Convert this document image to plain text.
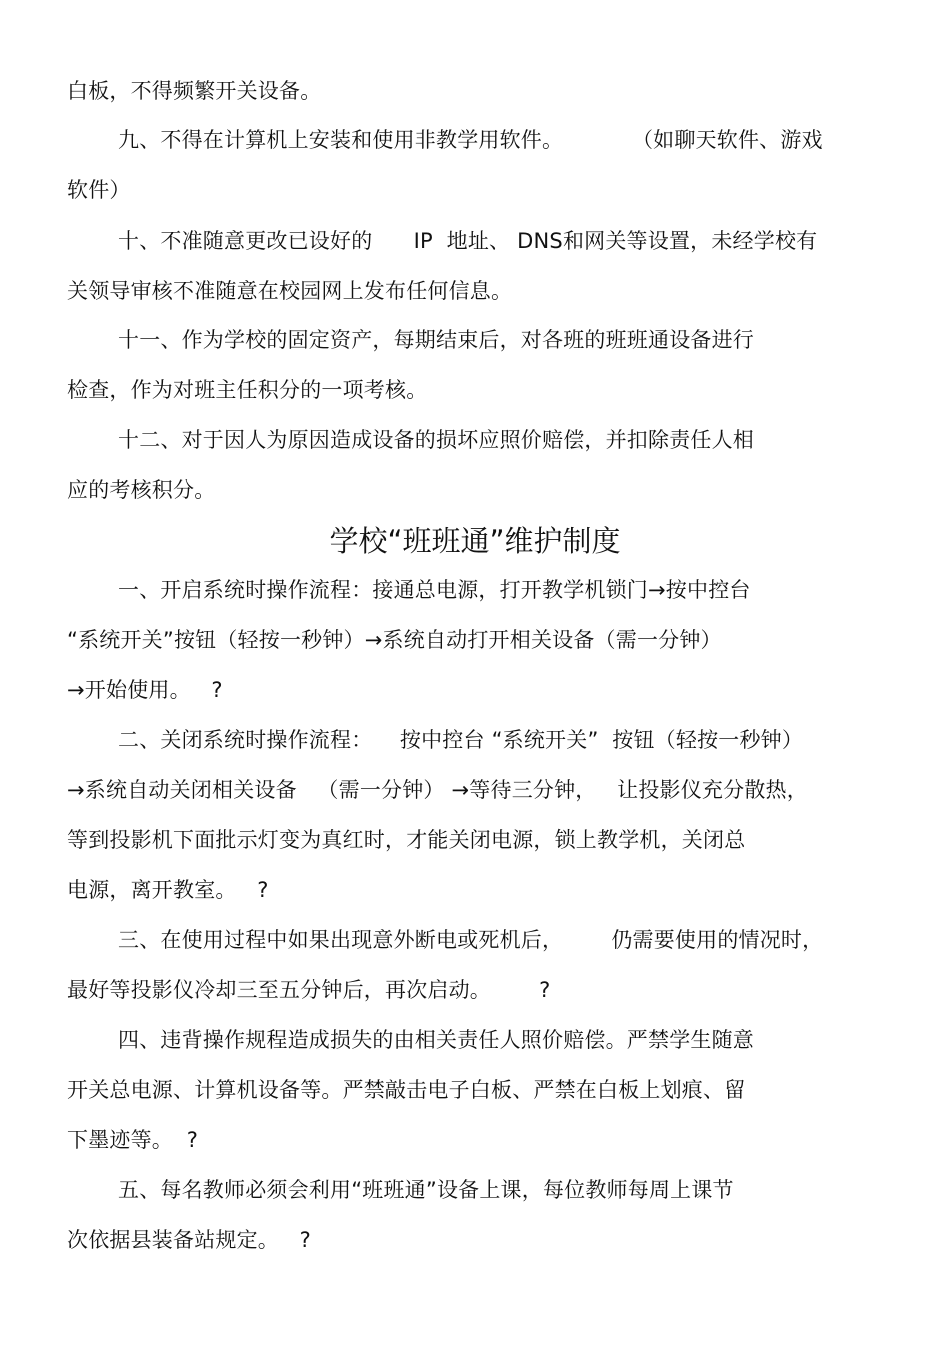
白板，不得频繁开关设备。
九、不得在计算机上安装和使用非教学用软件。          （如聊天软件、游戏
软件）
十、不准随意更改已设好的      IP  地址、 DNS和网关等设置，未经学校有
关领导审核不准随意在校园网上发布任何信息。
十一、作为学校的固定资产，每期结束后，对各班的班班通设备进行
检查，作为对班主任积分的一项考核。
十二、对于因人为原因造成设备的损坏应照价赔偿，并扣除责任人相
应的考核积分。
学校“班班通”维护制度
一、开启系统时操作流程：接通总电源，打开教学机锁门→按中控台
“系统开关”按钮（轻按一秒钟）→系统自动打开相关设备（需一分钟）
→开始使用。   ?
二、关闭系统时操作流程：    按中控台 “系统开关”  按钮（轻按一秒钟）
→系统自动关闭相关设备   （需一分钟） →等待三分钟，   让投影仪充分散热，
等到投影机下面批示灯变为真红时，才能关闭电源，锁上教学机，关闭总
电源，离开教室。   ?
三、在使用过程中如果出现意外断电或死机后，       仍需要使用的情况时，
最好等投影仪冷却三至五分钟后，再次启动。       ?
四、违背操作规程造成损失的由相关责任人照价赔偿。严禁学生随意
开关总电源、计算机设备等。严禁敲击电子白板、严禁在白板上划痕、留
下墨迹等。  ?
五、每名教师必须会利用“班班通”设备上课，每位教师每周上课节
次依据县装备站规定。   ?
